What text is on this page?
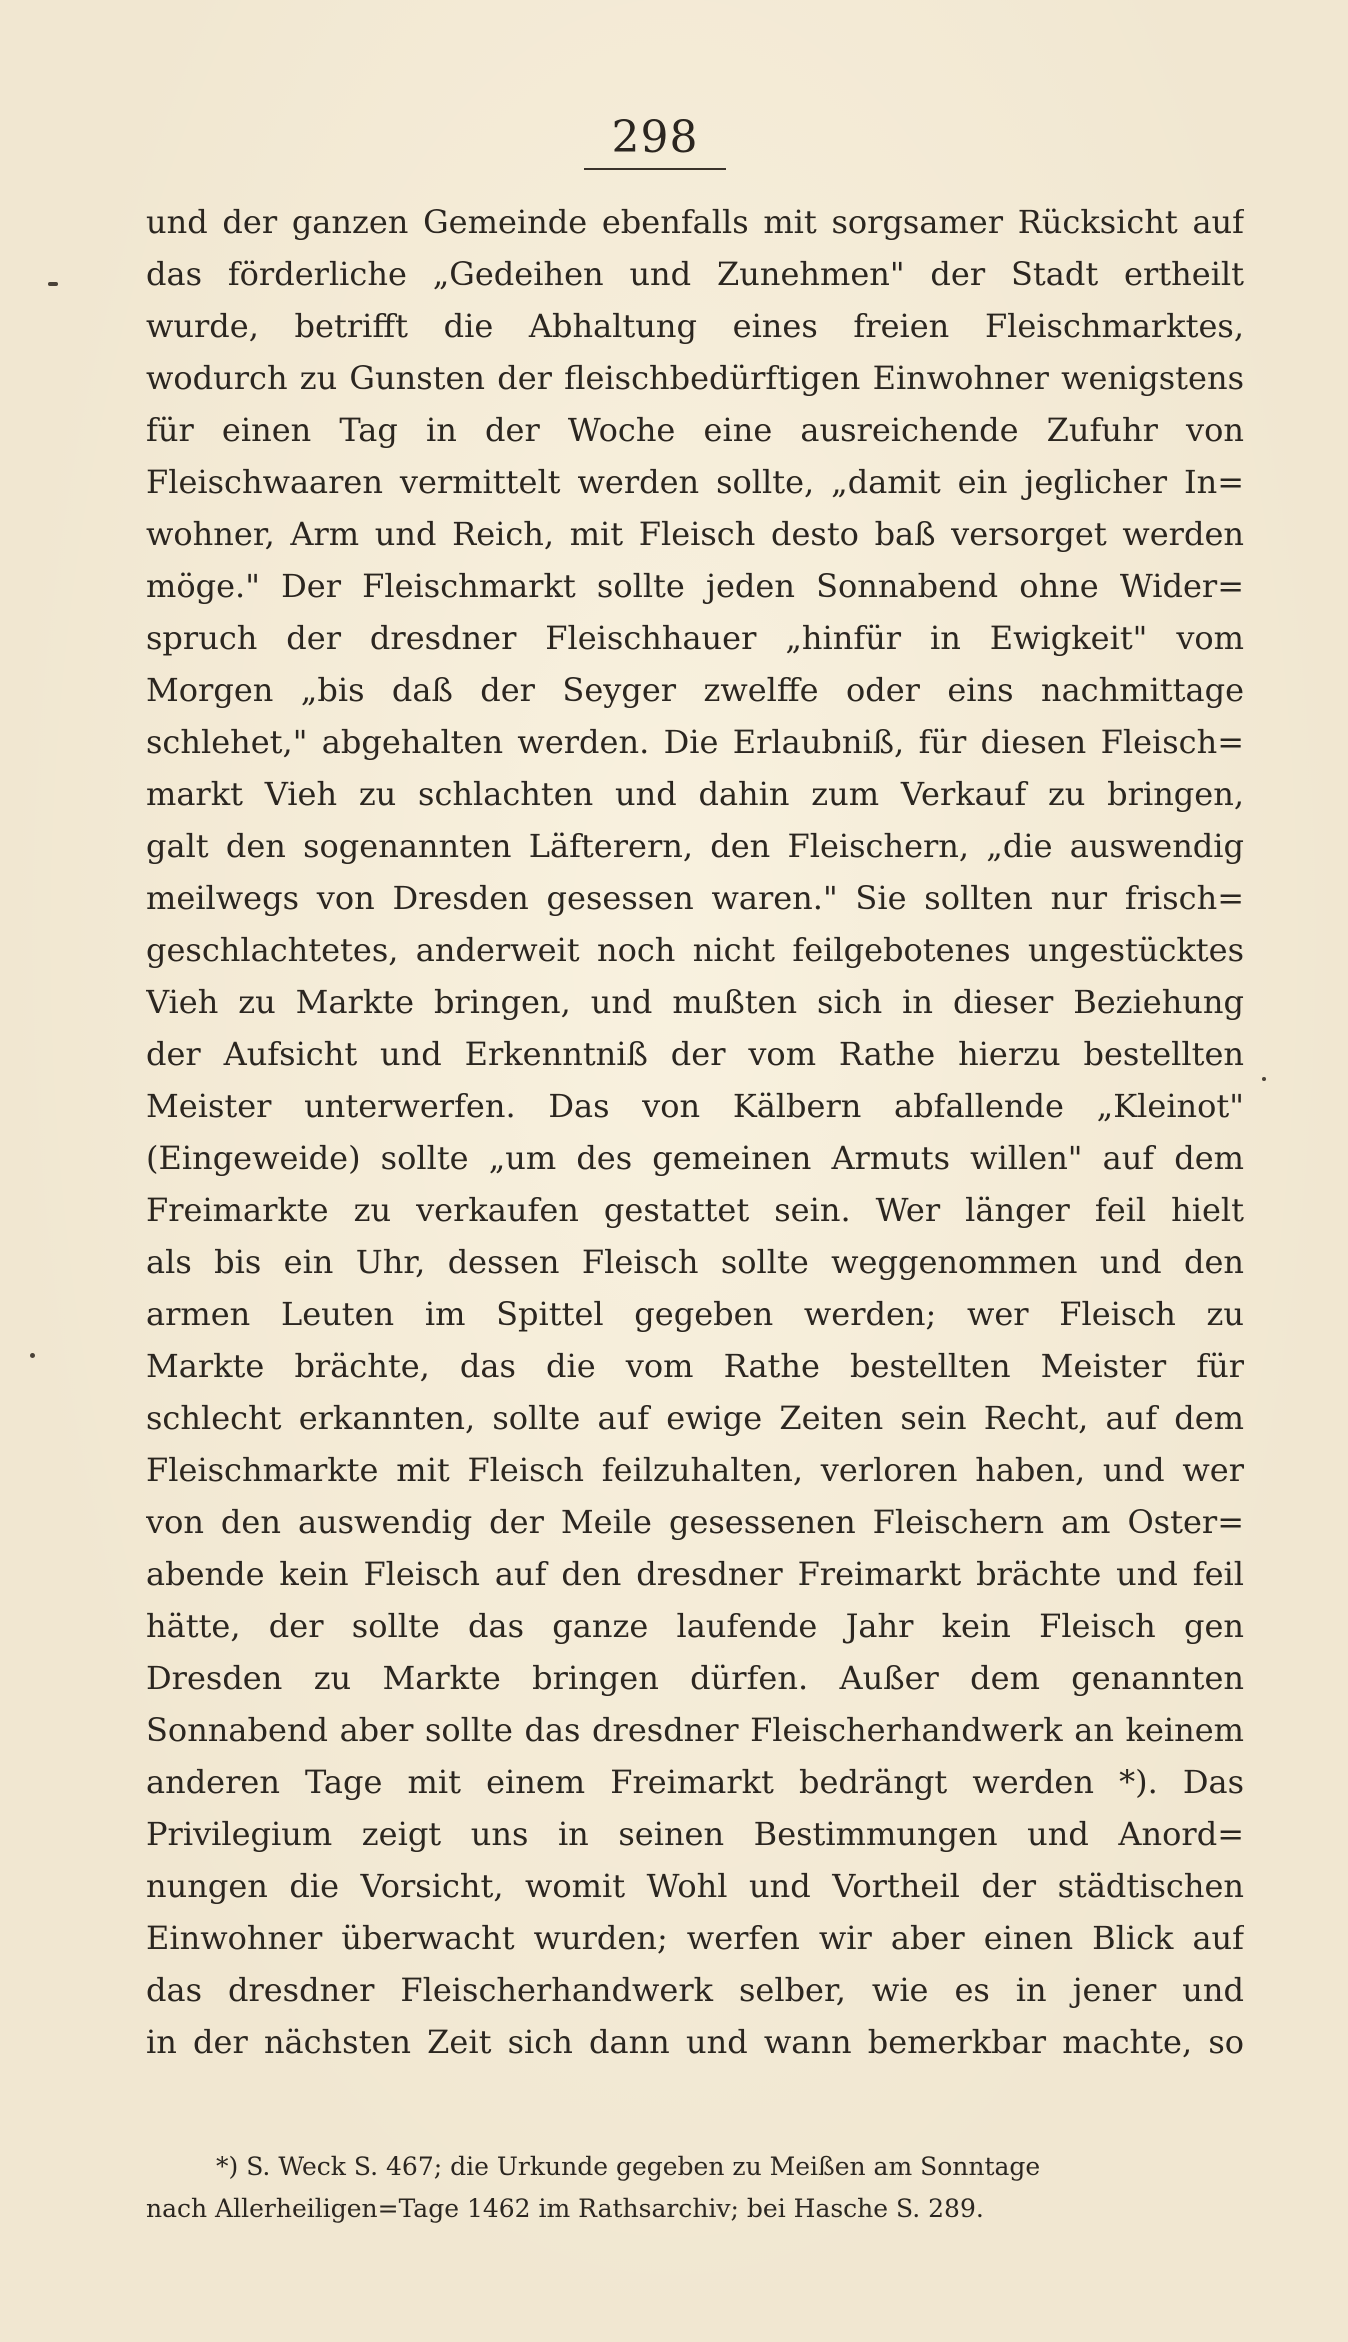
298
und der ganzen Gemeinde ebenfalls mit sorgsamer Rücksicht auf
das förderliche „Gedeihen und Zunehmen" der Stadt ertheilt
wurde, betrifft die Abhaltung eines freien Fleischmarktes,
wodurch zu Gunsten der fleischbedürftigen Einwohner wenigstens
für einen Tag in der Woche eine ausreichende Zufuhr von
Fleischwaaren vermittelt werden sollte, „damit ein jeglicher In=
wohner, Arm und Reich, mit Fleisch desto baß versorget werden
möge." Der Fleischmarkt sollte jeden Sonnabend ohne Wider=
spruch der dresdner Fleischhauer „hinfür in Ewigkeit" vom
Morgen „bis daß der Seyger zwelffe oder eins nachmittage
schlehet," abgehalten werden. Die Erlaubniß, für diesen Fleisch=
markt Vieh zu schlachten und dahin zum Verkauf zu bringen,
galt den sogenannten Läfterern, den Fleischern, „die auswendig
meilwegs von Dresden gesessen waren." Sie sollten nur frisch=
geschlachtetes, anderweit noch nicht feilgebotenes ungestücktes
Vieh zu Markte bringen, und mußten sich in dieser Beziehung
der Aufsicht und Erkenntniß der vom Rathe hierzu bestellten
Meister unterwerfen. Das von Kälbern abfallende „Kleinot"
(Eingeweide) sollte „um des gemeinen Armuts willen" auf dem
Freimarkte zu verkaufen gestattet sein. Wer länger feil hielt
als bis ein Uhr, dessen Fleisch sollte weggenommen und den
armen Leuten im Spittel gegeben werden; wer Fleisch zu
Markte brächte, das die vom Rathe bestellten Meister für
schlecht erkannten, sollte auf ewige Zeiten sein Recht, auf dem
Fleischmarkte mit Fleisch feilzuhalten, verloren haben, und wer
von den auswendig der Meile gesessenen Fleischern am Oster=
abende kein Fleisch auf den dresdner Freimarkt brächte und feil
hätte, der sollte das ganze laufende Jahr kein Fleisch gen
Dresden zu Markte bringen dürfen. Außer dem genannten
Sonnabend aber sollte das dresdner Fleischerhandwerk an keinem
anderen Tage mit einem Freimarkt bedrängt werden *). Das
Privilegium zeigt uns in seinen Bestimmungen und Anord=
nungen die Vorsicht, womit Wohl und Vortheil der städtischen
Einwohner überwacht wurden; werfen wir aber einen Blick auf
das dresdner Fleischerhandwerk selber, wie es in jener und
in der nächsten Zeit sich dann und wann bemerkbar machte, so
*) S. Weck S. 467; die Urkunde gegeben zu Meißen am Sonntage
nach Allerheiligen=Tage 1462 im Rathsarchiv; bei Hasche S. 289.
